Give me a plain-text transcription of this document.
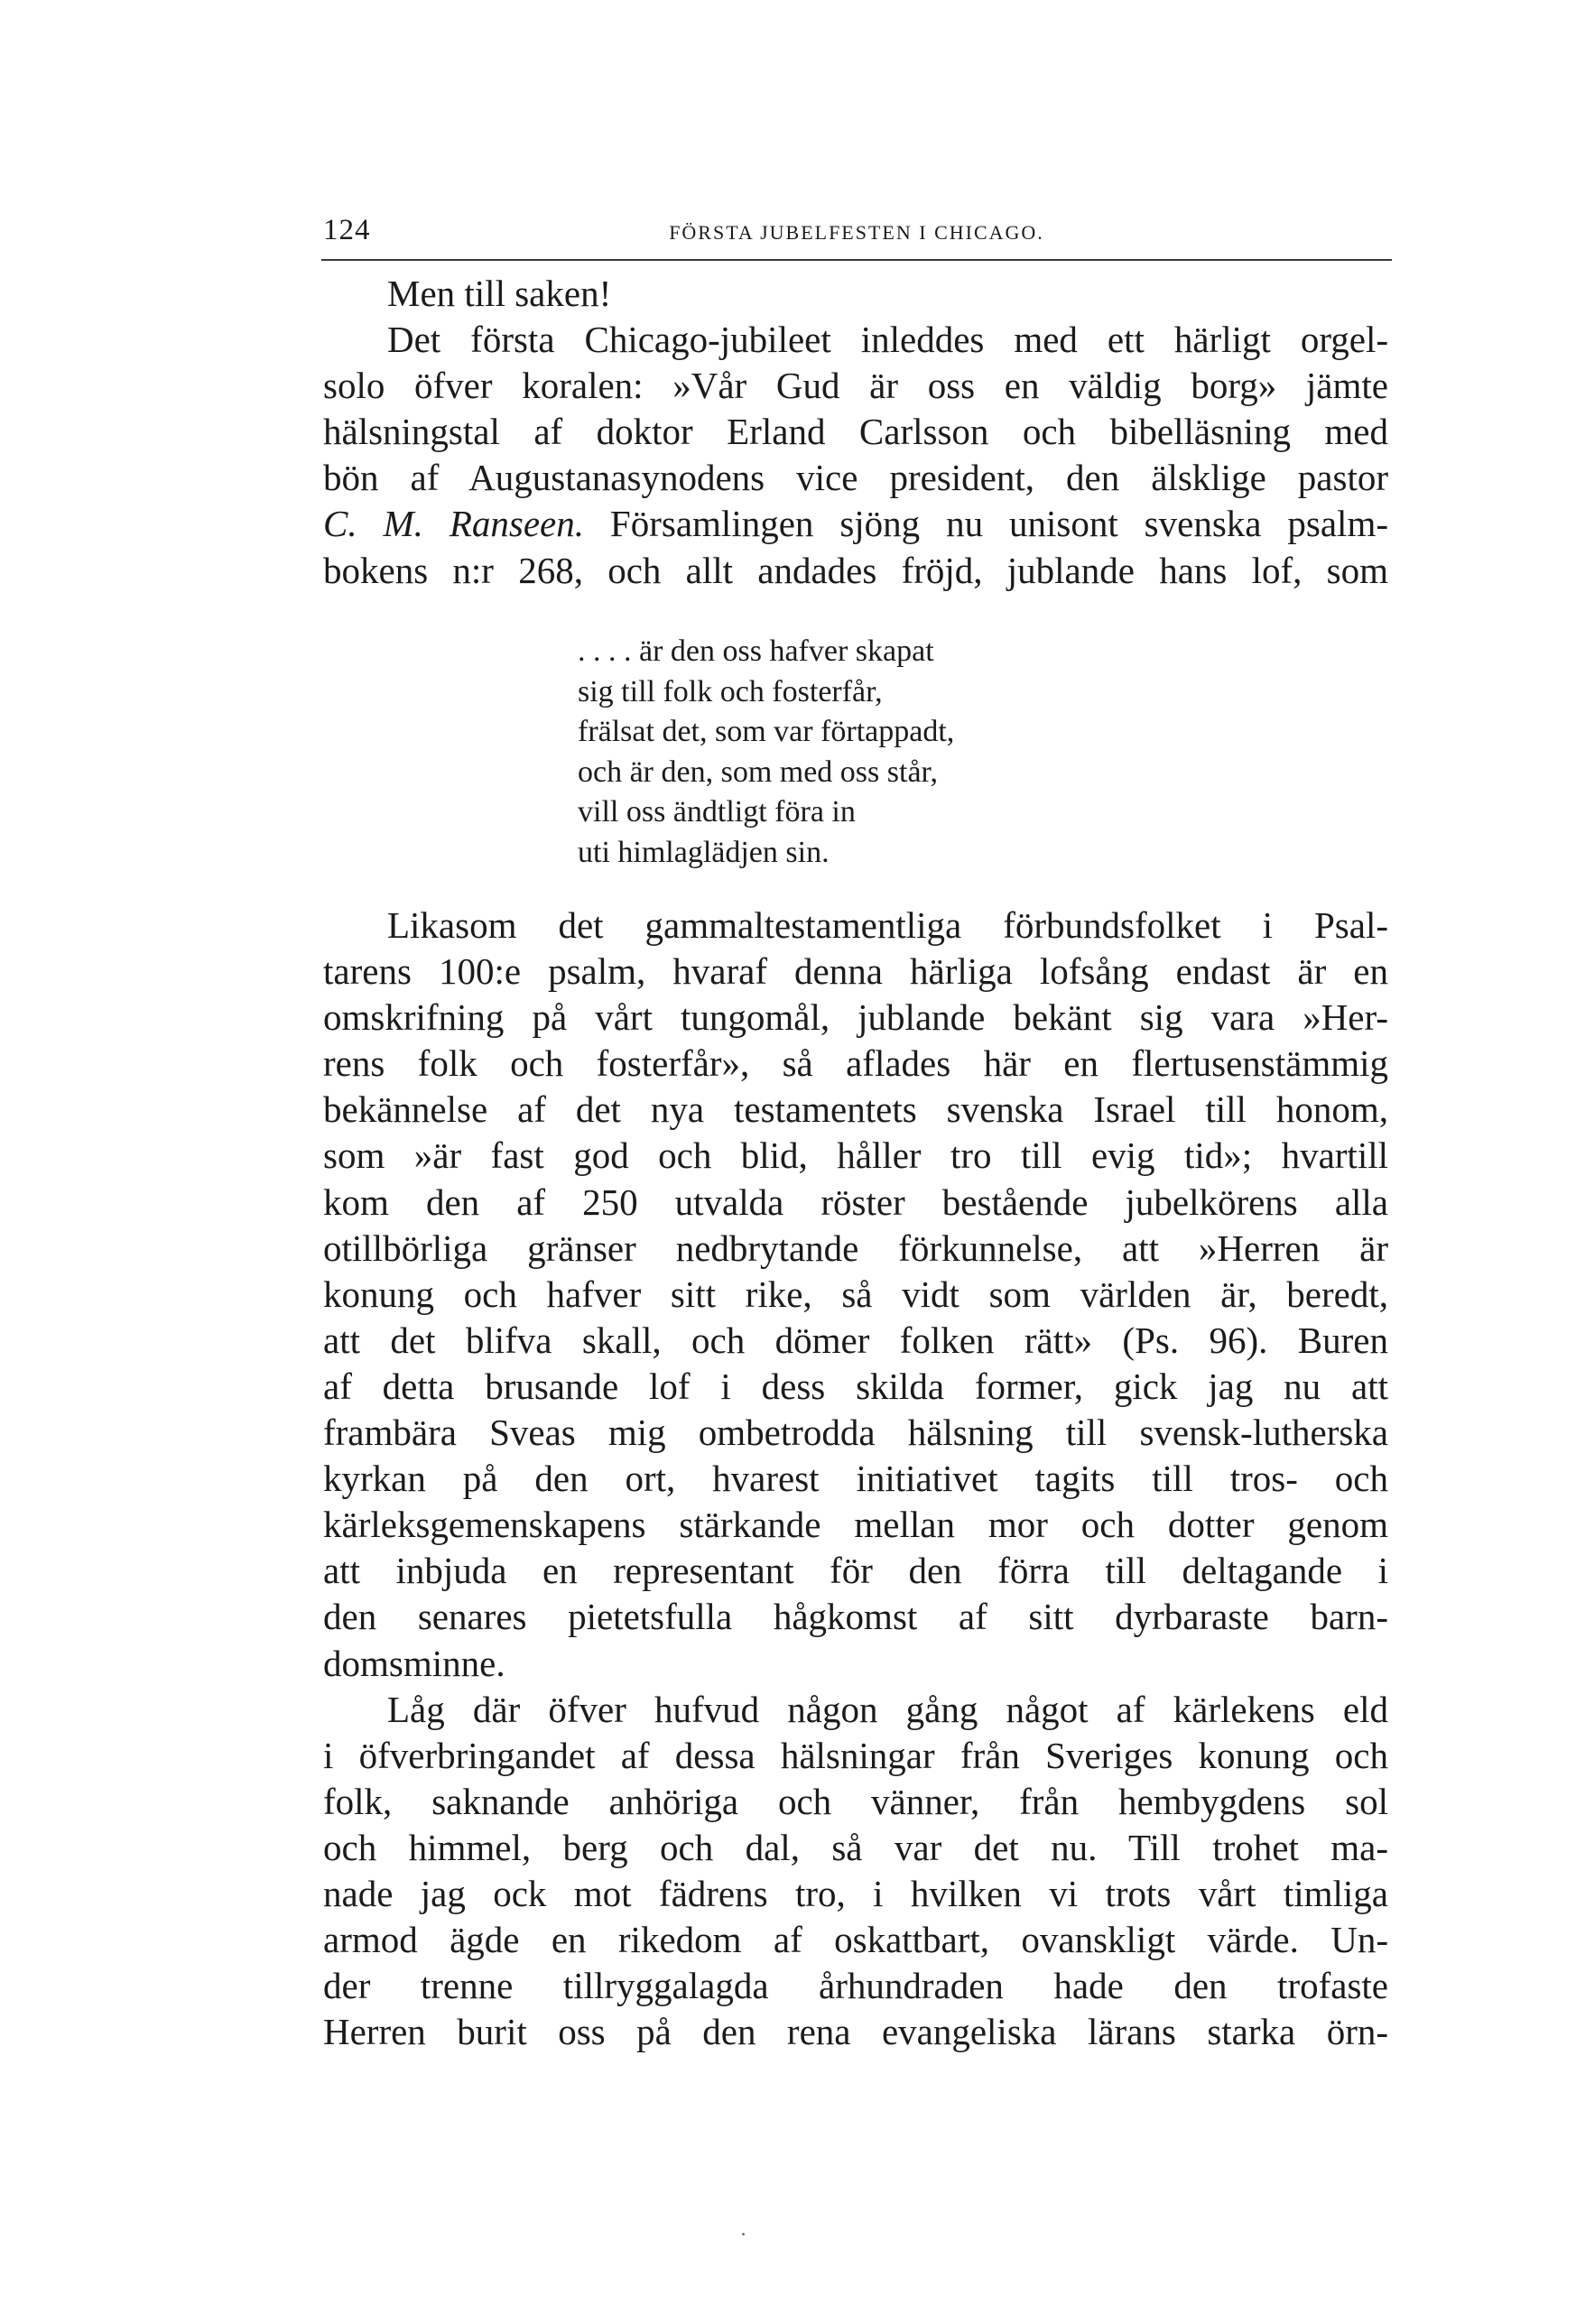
124	FÖRSTA JUBELFESTEN I CHICAGO.
Men till saken!
Det första Chicago-jubileet inleddes med ett härligt orgel-
solo öfver koralen: »Vår Gud är oss en väldig borg» jämte
hälsningstal af doktor Erland Carlsson och bibelläsning med
bön af Augustanasynodens vice president, den älsklige pastor
C. M. Ranseen. Församlingen sjöng nu unisont svenska psalm-
bokens n:r 268, och allt andades fröjd, jublande hans lof, som
. . . . är den oss hafver skapat
sig till folk och fosterfår,
frälsat det, som var förtappadt,
och är den, som med oss står,
vill oss ändtligt föra in
uti himlaglädjen sin.
Likasom det gammaltestamentliga förbundsfolket i Psal-
tarens 100:e psalm, hvaraf denna härliga lofsång endast är en
omskrifning på vårt tungomål, jublande bekänt sig vara »Her-
rens folk och fosterfår», så aflades här en flertusenstämmig
bekännelse af det nya testamentets svenska Israel till honom,
som »är fast god och blid, håller tro till evig tid»; hvartill
kom den af 250 utvalda röster bestående jubelkörens alla
otillbörliga gränser nedbrytande förkunnelse, att »Herren är
konung och hafver sitt rike, så vidt som världen är, beredt,
att det blifva skall, och dömer folken rätt» (Ps. 96). Buren
af detta brusande lof i dess skilda former, gick jag nu att
frambära Sveas mig ombetrodda hälsning till svensk-lutherska
kyrkan på den ort, hvarest initiativet tagits till tros- och
kärleksgemenskapens stärkande mellan mor och dotter genom
att inbjuda en representant för den förra till deltagande i
den senares pietetsfulla hågkomst af sitt dyrbaraste barn-
domsminne.
Låg där öfver hufvud någon gång något af kärlekens eld
i öfverbringandet af dessa hälsningar från Sveriges konung och
folk, saknande anhöriga och vänner, från hembygdens sol
och himmel, berg och dal, så var det nu. Till trohet ma-
nade jag ock mot fädrens tro, i hvilken vi trots vårt timliga
armod ägde en rikedom af oskattbart, ovanskligt värde. Un-
der trenne tillryggalagda århundraden hade den trofaste
Herren burit oss på den rena evangeliska lärans starka örn-
